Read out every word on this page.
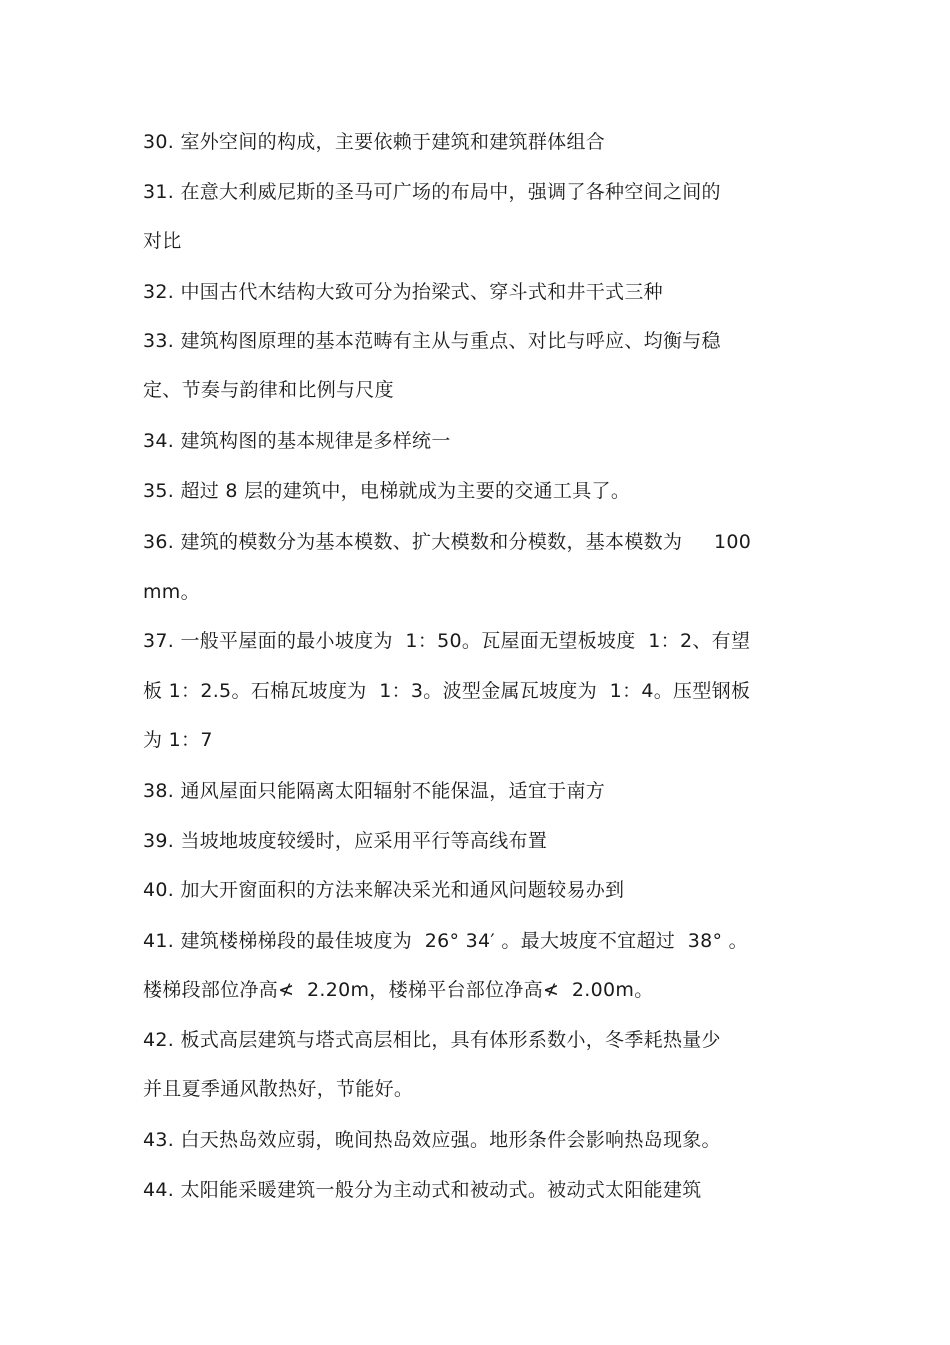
30. 室外空间的构成，主要依赖于建筑和建筑群体组合
31. 在意大利威尼斯的圣马可广场的布局中，强调了各种空间之间的
对比
32. 中国古代木结构大致可分为抬梁式、穿斗式和井干式三种
33. 建筑构图原理的基本范畴有主从与重点、对比与呼应、均衡与稳
定、节奏与韵律和比例与尺度
34. 建筑构图的基本规律是多样统一
35. 超过 8 层的建筑中，电梯就成为主要的交通工具了。
36. 建筑的模数分为基本模数、扩大模数和分模数，基本模数为     100
mm。
37. 一般平屋面的最小坡度为  1：50。瓦屋面无望板坡度  1：2、有望
板 1：2.5。石棉瓦坡度为  1：3。波型金属瓦坡度为  1：4。压型钢板
为 1：7
38. 通风屋面只能隔离太阳辐射不能保温，适宜于南方
39. 当坡地坡度较缓时，应采用平行等高线布置
40. 加大开窗面积的方法来解决采光和通风问题较易办到
41. 建筑楼梯梯段的最佳坡度为  26° 34′ 。最大坡度不宜超过  38° 。
楼梯段部位净高≮  2.20m，楼梯平台部位净高≮  2.00m。
42. 板式高层建筑与塔式高层相比，具有体形系数小，冬季耗热量少
并且夏季通风散热好，节能好。
43. 白天热岛效应弱，晚间热岛效应强。地形条件会影响热岛现象。
44. 太阳能采暖建筑一般分为主动式和被动式。被动式太阳能建筑
